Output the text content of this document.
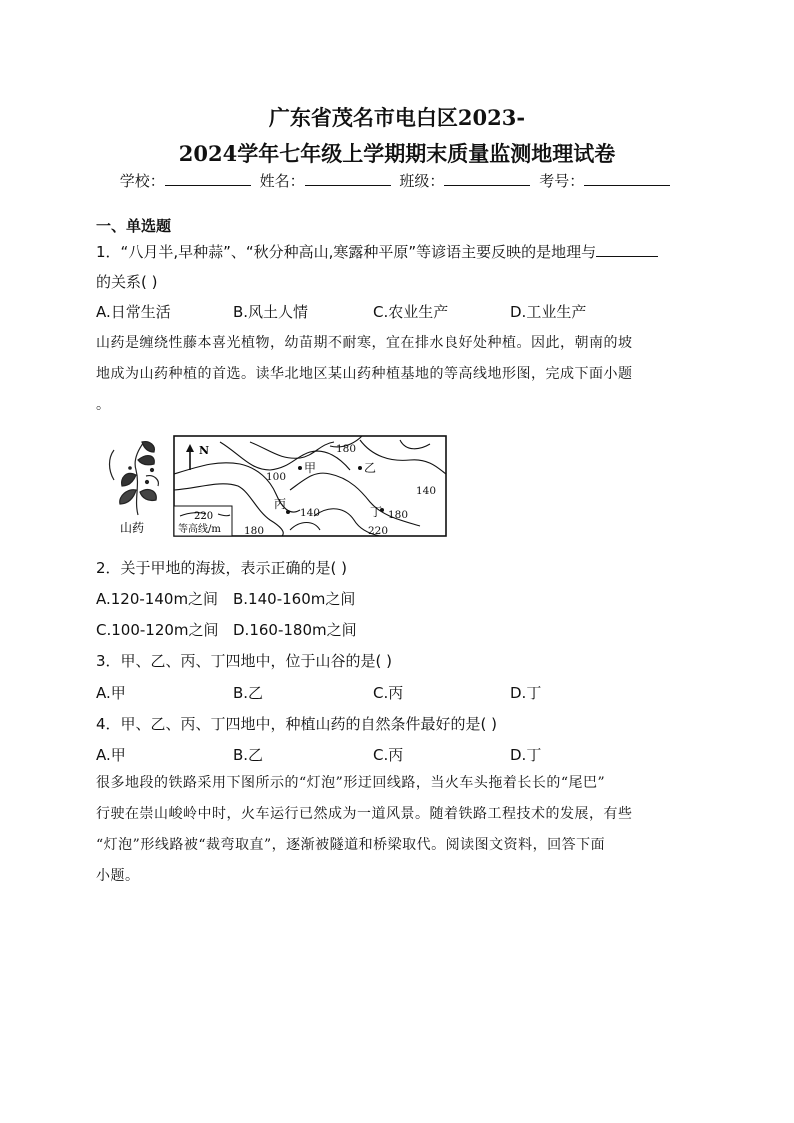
广东省茂名市电白区2023-
2024学年七年级上学期期末质量监测地理试卷
学校：	姓名：	班级：	考号：
一、单选题
1．“八月半,早种蒜”、“秋分种高山,寒露种平原”等谚语主要反映的是地理与
的关系( )
A.日常生活	B.风土人情	C.农业生产	D.工业生产
山药是缠绕性藤本喜光植物，幼苗期不耐寒，宜在排水良好处种植。因此，朝南的坡
地成为山药种植的首选。读华北地区某山药种植基地的等高线地形图，完成下面小题
。
山药
220
等高线/m
N
100
180
140
140	180
220
180
甲	乙
丙
丁
2．关于甲地的海拔，表示正确的是( )
A.120-140m之间 B.140-160m之间
C.100-120m之间 D.160-180m之间
3．甲、乙、丙、丁四地中，位于山谷的是( )
A.甲	B.乙	C.丙	D.丁
4．甲、乙、丙、丁四地中，种植山药的自然条件最好的是( )
A.甲	B.乙	C.丙	D.丁
很多地段的铁路采用下图所示的“灯泡”形迂回线路，当火车头拖着长长的“尾巴”
行驶在崇山峻岭中时，火车运行已然成为一道风景。随着铁路工程技术的发展，有些
“灯泡”形线路被“裁弯取直”，逐渐被隧道和桥梁取代。阅读图文资料，回答下面
小题。
